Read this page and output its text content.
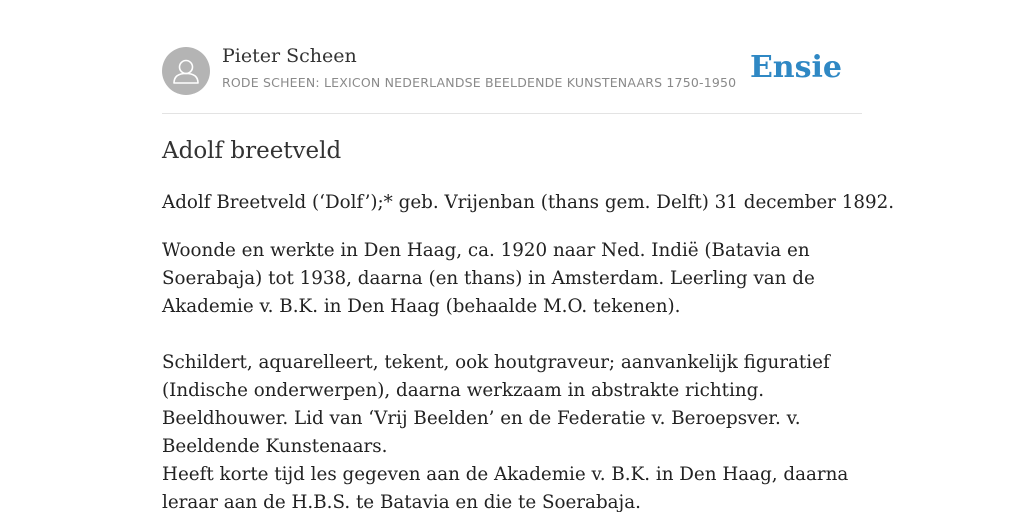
Pieter Scheen
RODE SCHEEN: LEXICON NEDERLANDSE BEELDENDE KUNSTENAARS 1750-1950 Ensie
Adolf breetveld

Adolf Breetveld (‘Dolf’);* geb. Vrijenban (thans gem. Delft) 31 december 1892.

Woonde en werkte in Den Haag, ca. 1920 naar Ned. Indië (Batavia en Soerabaja) tot 1938, daarna (en thans) in Amsterdam. Leerling van de Akademie v. B.K. in Den Haag (behaalde M.O. tekenen).

Schildert, aquarelleert, tekent, ook houtgraveur; aanvankelijk figuratief (Indische onderwerpen), daarna werkzaam in abstrakte richting. Beeldhouwer. Lid van ‘Vrij Beelden’ en de Federatie v. Beroepsver. v. Beeldende Kunstenaars.

Heeft korte tijd les gegeven aan de Akademie v. B.K. in Den Haag, daarna leraar aan de H.B.S. te Batavia en die te Soerabaja.
